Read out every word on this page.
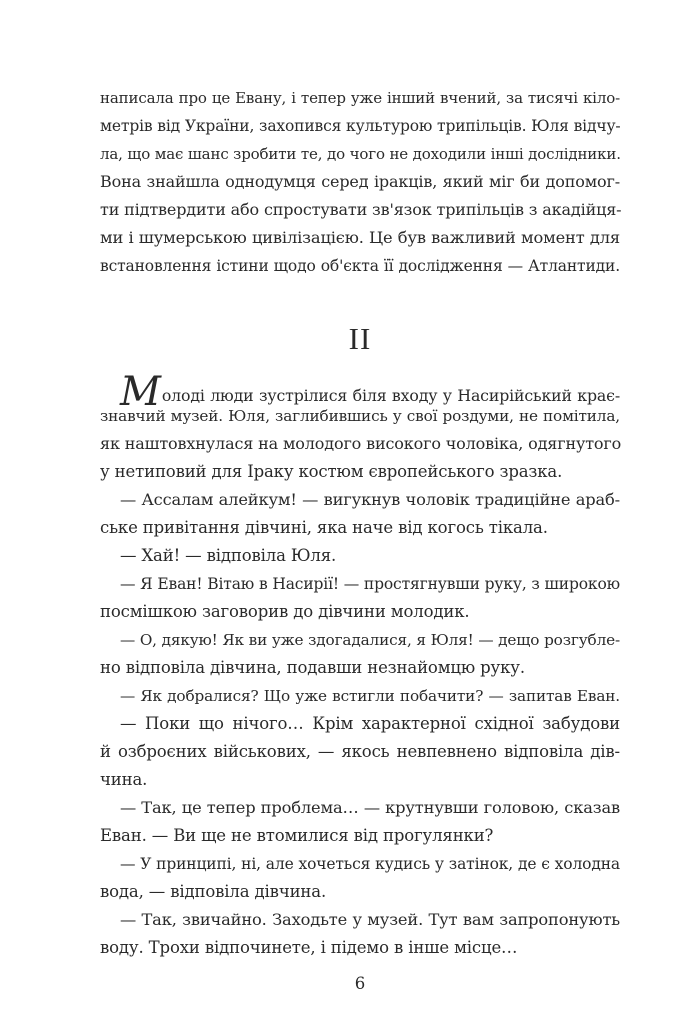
написала про це Евану, і тепер уже інший вчений, за тисячі кіло-
метрів від України, захопився культурою трипільців. Юля відчу-
ла, що має шанс зробити те, до чого не доходили інші дослідники.
Вона знайшла однодумця серед іракців, який міг би допомог-
ти підтвердити або спростувати зв'язок трипільців з акадійця-
ми і шумерською цивілізацією. Це був важливий момент для
встановлення істини щодо об'єкта її дослідження — Атлантиди.
II
Молоді люди зустрілися біля входу у Насирійський крає-
знавчий музей. Юля, заглибившись у свої роздуми, не помітила,
як наштовхнулася на молодого високого чоловіка, одягнутого
у нетиповий для Іраку костюм європейського зразка.
— Ассалам алейкум! — вигукнув чоловік традиційне араб-
ське привітання дівчині, яка наче від когось тікала.
— Хай! — відповіла Юля.
— Я Еван! Вітаю в Насирії! — простягнувши руку, з широкою
посмішкою заговорив до дівчини молодик.
— О, дякую! Як ви уже здогадалися, я Юля! — дещо розгублe-
но відповіла дівчина, подавши незнайомцю руку.
— Як добралися? Що уже встигли побачити? — запитав Еван.
— Поки що нічого… Крім характерної східної забудови
й озброєних військових, — якось невпевнено відповіла дів-
чина.
— Так, це тепер проблема… — крутнувши головою, сказав
Еван. — Ви ще не втомилися від прогулянки?
— У принципі, ні, але хочеться кудись у затінок, де є холодна
вода, — відповіла дівчина.
— Так, звичайно. Заходьте у музей. Тут вам запропонують
воду. Трохи відпочинете, і підемо в інше місце…
6
